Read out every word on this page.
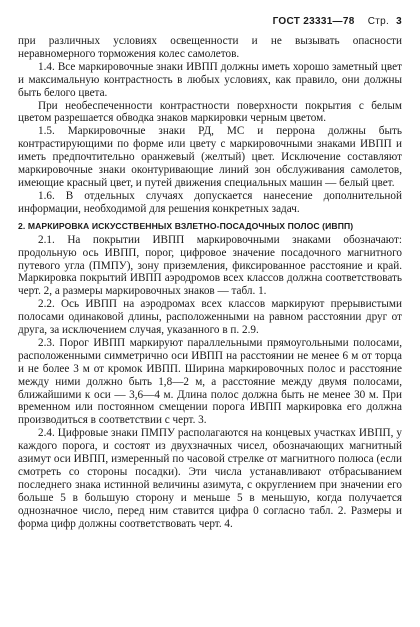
ГОСТ 23331—78 Стр. 3

при различных условиях освещенности и не вызывать опасности неравномерного торможения колес самолетов.

1.4. Все маркировочные знаки ИВПП должны иметь хорошо заметный цвет и максимальную контрастность в любых условиях, как правило, они должны быть белого цвета.

При необеспеченности контрастности поверхности покрытия с белым цветом разрешается обводка знаков маркировки черным цветом.

1.5. Маркировочные знаки РД, МС и перрона должны быть контрастирующими по форме или цвету с маркировочными знаками ИВПП и иметь предпочтительно оранжевый (желтый) цвет. Исключение составляют маркировочные знаки оконтуривающие линий зон обслуживания самолетов, имеющие красный цвет, и путей движения специальных машин — белый цвет.

1.6. В отдельных случаях допускается нанесение дополнительной информации, необходимой для решения конкретных задач.

2. МАРКИРОВКА ИСКУССТВЕННЫХ ВЗЛЕТНО-ПОСАДОЧНЫХ ПОЛОС (ИВПП)

2.1. На покрытии ИВПП маркировочными знаками обозначают: продольную ось ИВПП, порог, цифровое значение посадочного магнитного путевого угла (ПМПУ), зону приземления, фиксированное расстояние и край. Маркировка покрытий ИВПП аэродромов всех классов должна соответствовать черт. 2, а размеры маркировочных знаков — табл. 1.

2.2. Ось ИВПП на аэродромах всех классов маркируют прерывистыми полосами одинаковой длины, расположенными на равном расстоянии друг от друга, за исключением случая, указанного в п. 2.9.

2.3. Порог ИВПП маркируют параллельными прямоугольными полосами, расположенными симметрично оси ИВПП на расстоянии не менее 6 м от торца и не более 3 м от кромок ИВПП. Ширина маркировочных полос и расстояние между ними должно быть 1,8—2 м, а расстояние между двумя полосами, ближайшими к оси — 3,6—4 м. Длина полос должна быть не менее 30 м. При временном или постоянном смещении порога ИВПП маркировка его должна производиться в соответствии с черт. 3.

2.4. Цифровые знаки ПМПУ располагаются на концевых участках ИВПП, у каждого порога, и состоят из двухзначных чисел, обозначающих магнитный азимут оси ИВПП, измеренный по часовой стрелке от магнитного полюса (если смотреть со стороны посадки). Эти числа устанавливают отбрасыванием последнего знака истинной величины азимута, с округлением при значении его больше 5 в большую сторону и меньше 5 в меньшую, когда получается однозначное число, перед ним ставится цифра 0 согласно табл. 2. Размеры и форма цифр должны соответствовать черт. 4.
